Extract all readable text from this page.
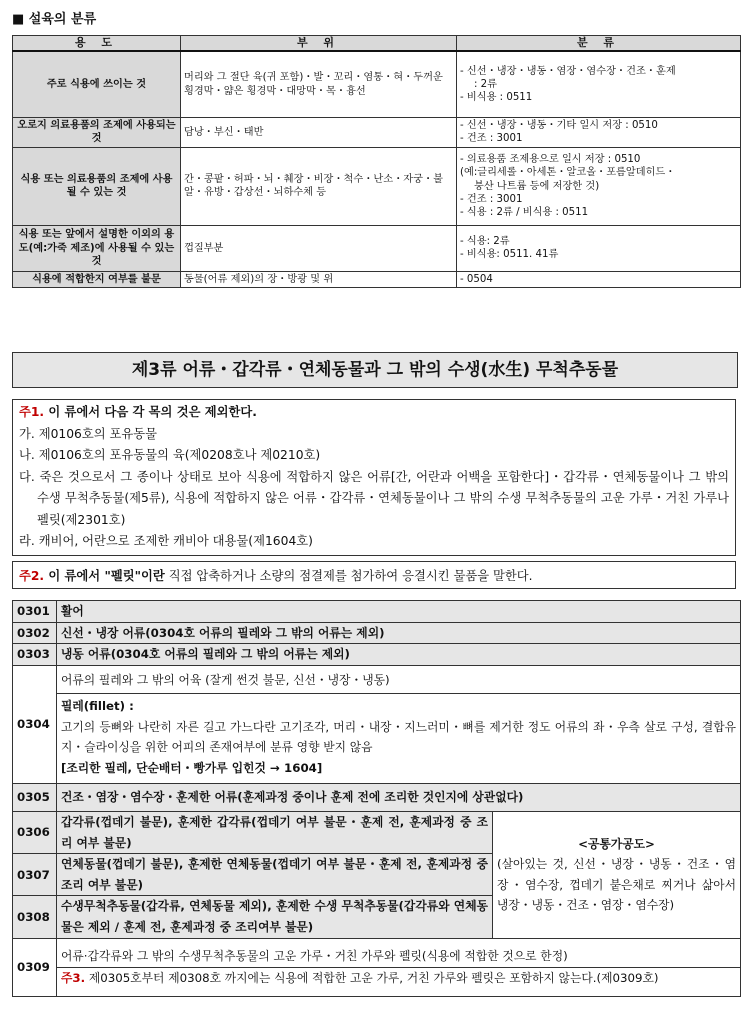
■ 설육의 분류
용 도	부 위	분 류
주로 식용에 쓰이는 것	머리와 그 절단 육(귀 포함)・발・꼬리・염통・혀・두꺼운 횡경막・얇은 횡경막・대망막・목・흉선	- 신선・냉장・냉동・염장・염수장・건조・훈제
: 2류
- 비식용 : 0511

오로지 의료용품의 조제에 사용되는 것	담낭・부신・태반	- 신선・냉장・냉동・기타 일시 저장 : 0510
- 건조 : 3001

식용 또는 의료용품의 조제에 사용될 수 있는 것	간・콩팥・허파・뇌・췌장・비장・척수・난소・자궁・불알・유방・갑상선・뇌하수체 등	- 의료용품 조제용으로 일시 저장 : 0510
(예:글리세롤・아세톤・알코올・포름알데히드・
붕산 나트륨 등에 저장한 것)
- 건조 : 3001
- 식용 : 2류 / 비식용 : 0511

식용 또는 앞에서 설명한 이외의 용도(예:가죽 제조)에 사용될 수 있는 것	껍질부분	- 식용: 2류
- 비식용: 0511. 41류

식용에 적합한지 여부를 불문	동물(어류 제외)의 장・방광 및 위	- 0504
제3류 어류・갑각류・연체동물과 그 밖의 수생(水生) 무척추동물
주1. 이 류에서 다음 각 목의 것은 제외한다.
가. 제0106호의 포유동물
나. 제0106호의 포유동물의 육(제0208호나 제0210호)
다. 죽은 것으로서 그 종이나 상태로 보아 식용에 적합하지 않은 어류[간, 어란과 어백을 포함한다]・갑각류・연체동물이나 그 밖의 수생 무척추동물(제5류), 식용에 적합하지 않은 어류・갑각류・연체동물이나 그 밖의 수생 무척추동물의 고운 가루・거친 가루나 펠릿(제2301호)
라. 캐비어, 어란으로 조제한 캐비아 대용물(제1604호)
주2. 이 류에서 "펠릿"이란 직접 압축하거나 소량의 점결제를 첨가하여 응결시킨 물품을 말한다.
0301	활어	
0302	신선・냉장 어류(0304호 어류의 필레와 그 밖의 어류는 제외)	
0303	냉동 어류(0304호 어류의 필레와 그 밖의 어류는 제외)	
0304	어류의 필레와 그 밖의 어육 (잘게 썬것 불문, 신선・냉장・냉동)
필레(fillet) :
고기의 등뼈와 나란히 자른 길고 가느다란 고기조각, 머리・내장・지느러미・뼈를 제거한 정도 어류의 좌・우측 살로 구성, 결합유지・슬라이싱을 위한 어피의 존재여부에 분류 영향 받지 않음
[조리한 필레, 단순배터・빵가루 입힌것 → 1604]	

0305	건조・염장・염수장・훈제한 어류(훈제과정 중이나 훈제 전에 조리한 것인지에 상관없다)	
0306	갑각류(껍데기 불문), 훈제한 갑각류(껍데기 여부 불문・훈제 전, 훈제과정 중 조리 여부 불문)	<공통가공도>
(살아있는 것, 신선・냉장・냉동・건조・염장・염수장, 껍데기 붙은채로 찌거나 삶아서 냉장・냉동・건조・염장・염수장)

0307	연체동물(껍데기 불문), 훈제한 연체동물(껍데기 여부 불문・훈제 전, 훈제과정 중 조리 여부 불문)	
0308	수생무척추동물(갑각류, 연체동물 제외), 훈제한 수생 무척추동물(갑각류와 연체동물은 제외 / 훈제 전, 훈제과정 중 조리여부 불문)	
0309	어류·갑각류와 그 밖의 수생무척추동물의 고운 가루・거친 가루와 펠릿(식용에 적합한 것으로 한정)
주3. 제0305호부터 제0308호 까지에는 식용에 적합한 고운 가루, 거친 가루와 펠릿은 포함하지 않는다.(제0309호)	
